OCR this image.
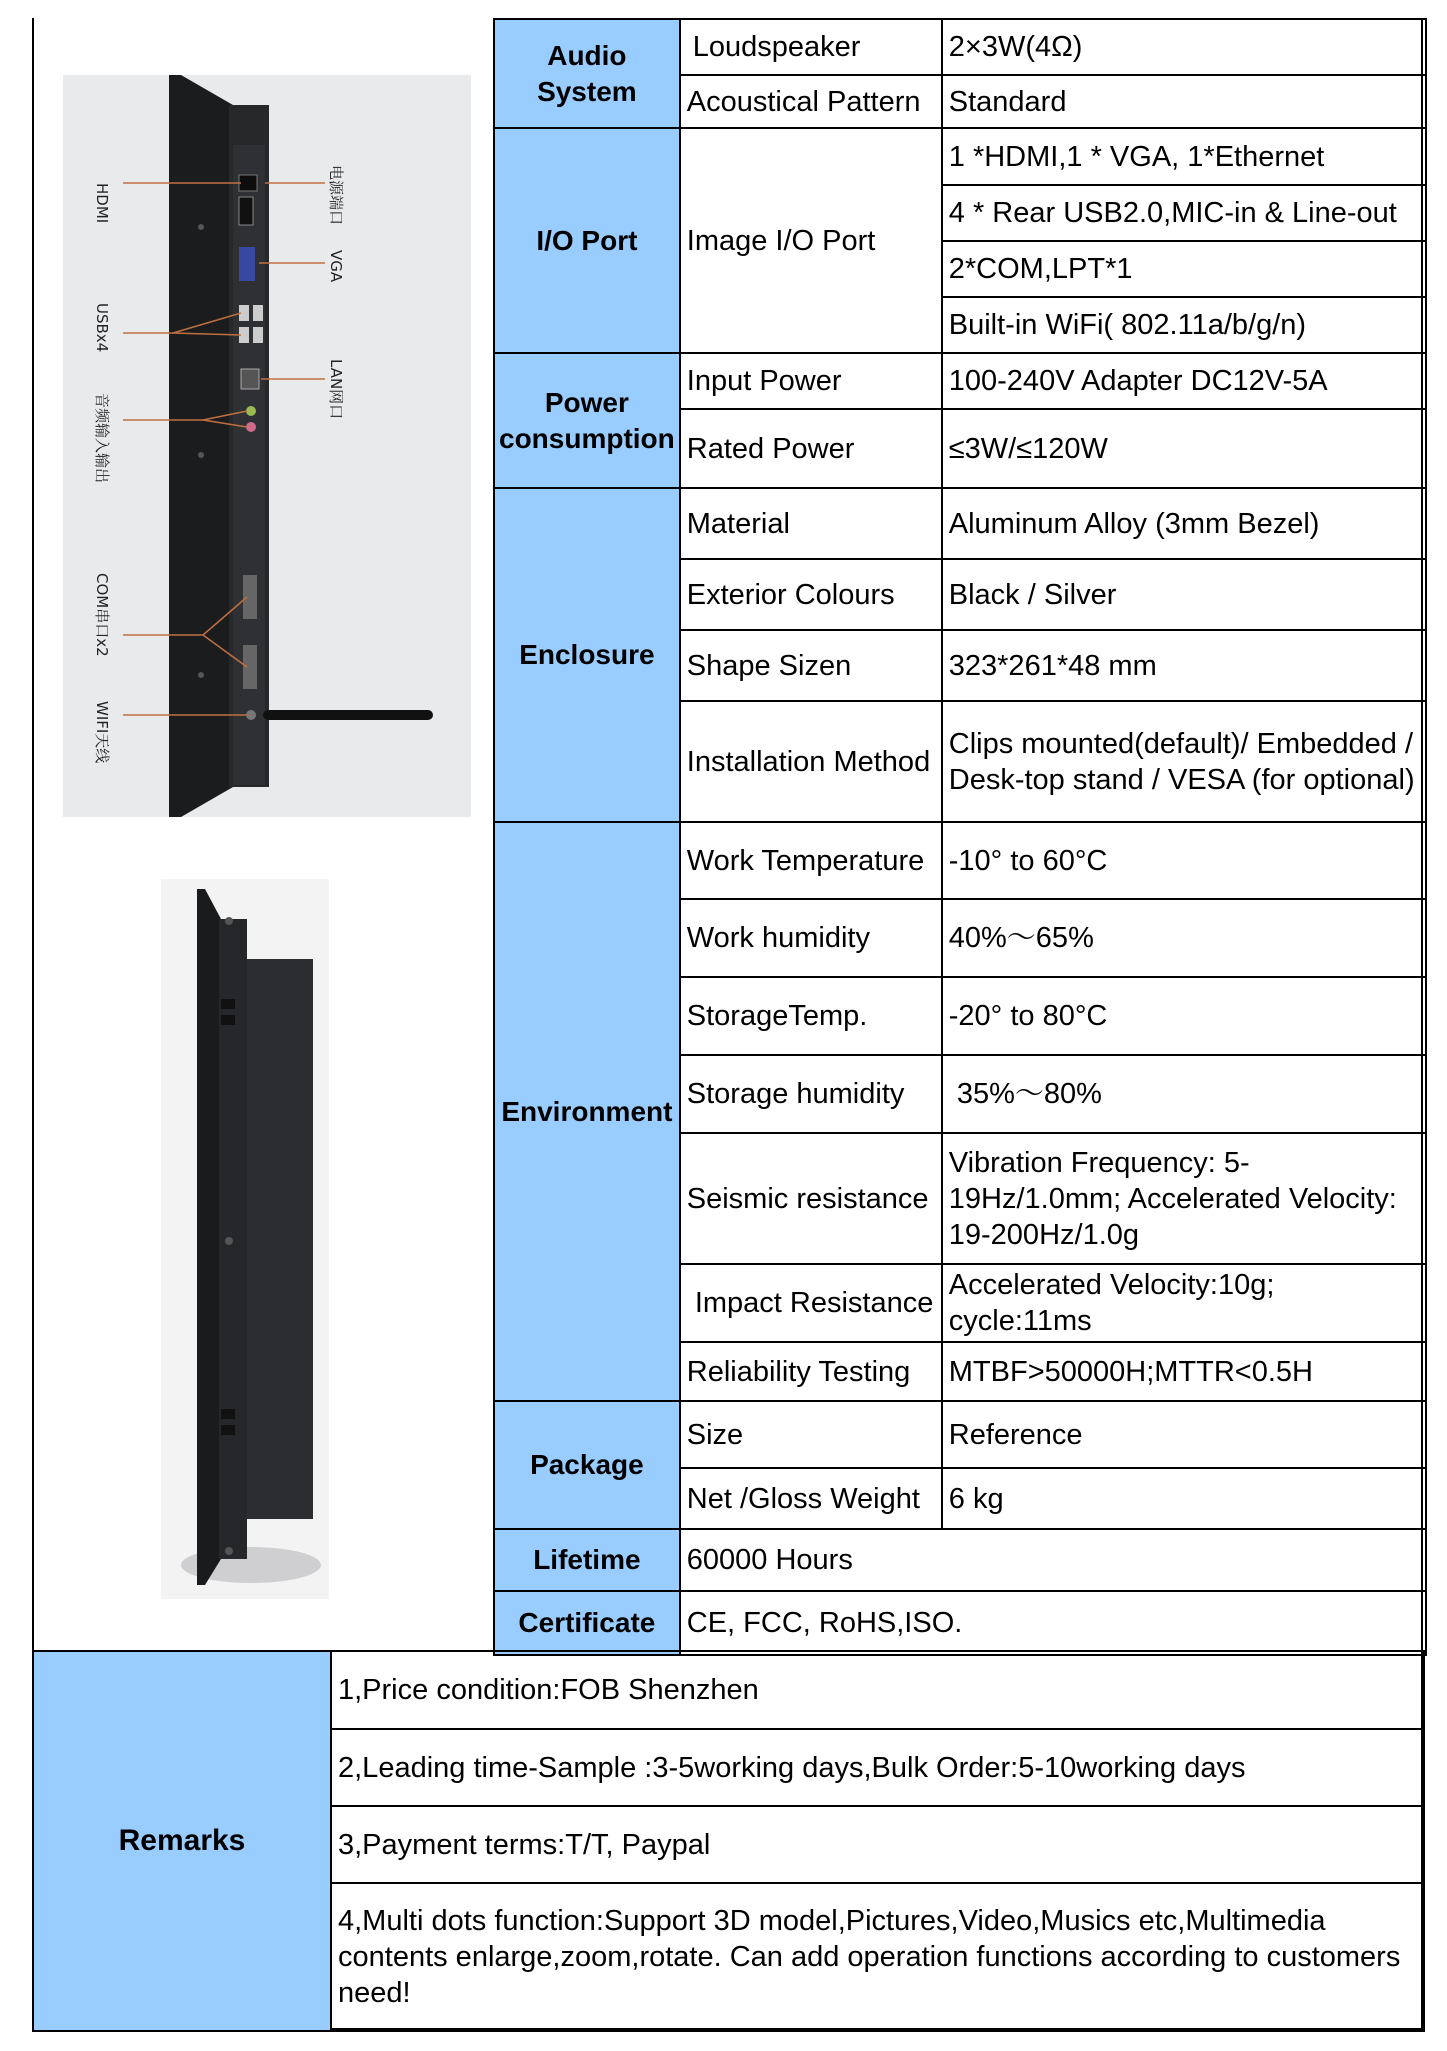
HDMI
USBx4
音频输入输出
COM串口x2
WIFI天线
电源端口
VGA
LAN网口
Audio System	Loudspeaker	2×3W(4Ω)
	Acoustical Pattern	Standard
I/O Port	Image I/O Port	1 *HDMI,1 * VGA, 1*Ethernet
		4 * Rear USB2.0,MIC-in & Line-out
		2*COM,LPT*1
		Built-in WiFi( 802.11a/b/g/n)
Power consumption	Input Power	100-240V Adapter DC12V-5A
	Rated Power	≤3W/≤120W
Enclosure	Material	Aluminum Alloy (3mm Bezel)
	Exterior Colours	Black / Silver
	Shape Sizen	323*261*48 mm
	Installation Method	Clips mounted(default)/ Embedded / Desk-top stand / VESA (for optional)
Environment	Work Temperature	-10° to 60°C
	Work humidity	40%～65%
	StorageTemp.	-20° to 80°C
	Storage humidity	35%～80%
	Seismic resistance	Vibration Frequency: 5-19Hz/1.0mm; Accelerated Velocity: 19-200Hz/1.0g
	Impact Resistance	Accelerated Velocity:10g; cycle:11ms
	Reliability Testing	MTBF>50000H;MTTR<0.5H
Package	Size	Reference
	Net /Gloss Weight	6 kg
Lifetime	60000 Hours	
Certificate	CE, FCC, RoHS,ISO.	
Remarks	1,Price condition:FOB Shenzhen
2,Leading time-Sample :3-5working days,Bulk Order:5-10working days
3,Payment terms:T/T, Paypal
4,Multi dots function:Support 3D model,Pictures,Video,Musics etc,Multimedia contents enlarge,zoom,rotate. Can add operation functions according to customers need!
